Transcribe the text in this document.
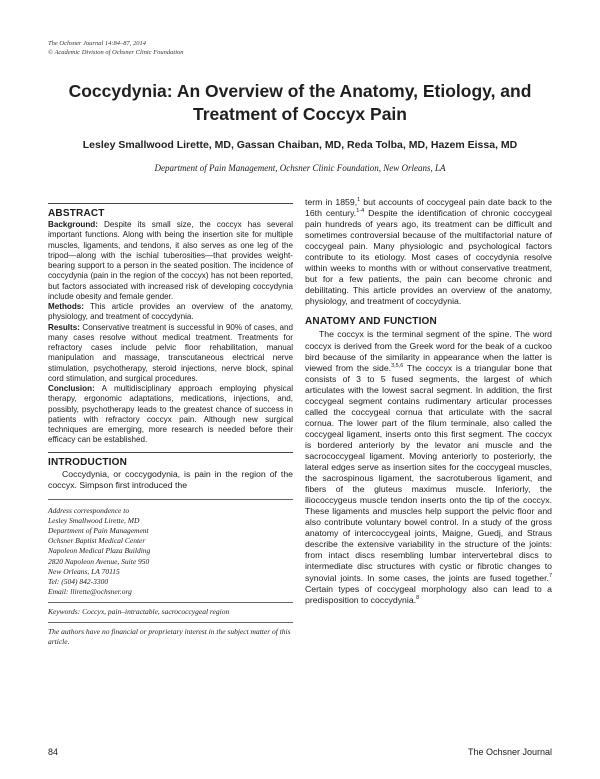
The Ochsner Journal 14:84–87, 2014
© Academic Division of Ochsner Clinic Foundation
Coccydynia: An Overview of the Anatomy, Etiology, and Treatment of Coccyx Pain
Lesley Smallwood Lirette, MD, Gassan Chaiban, MD, Reda Tolba, MD, Hazem Eissa, MD
Department of Pain Management, Ochsner Clinic Foundation, New Orleans, LA
ABSTRACT

Background: Despite its small size, the coccyx has several important functions. Along with being the insertion site for multiple muscles, ligaments, and tendons, it also serves as one leg of the tripod—along with the ischial tuberosities—that provides weight-bearing support to a person in the seated position. The incidence of coccydynia (pain in the region of the coccyx) has not been reported, but factors associated with increased risk of developing coccydynia include obesity and female gender.

Methods: This article provides an overview of the anatomy, physiology, and treatment of coccydynia.

Results: Conservative treatment is successful in 90% of cases, and many cases resolve without medical treatment. Treatments for refractory cases include pelvic floor rehabilitation, manual manipulation and massage, transcutaneous electrical nerve stimulation, psychotherapy, steroid injections, nerve block, spinal cord stimulation, and surgical procedures.

Conclusion: A multidisciplinary approach employing physical therapy, ergonomic adaptations, medications, injections, and, possibly, psychotherapy leads to the greatest chance of success in patients with refractory coccyx pain. Although new surgical techniques are emerging, more research is needed before their efficacy can be established.

INTRODUCTION

Coccydynia, or coccygodynia, is pain in the region of the coccyx. Simpson first introduced the

Address correspondence to

Lesley Smallwood Lirette, MD

Department of Pain Management

Ochsner Baptist Medical Center

Napoleon Medical Plaza Building

2820 Napoleon Avenue, Suite 950

New Orleans, LA 70115

Tel: (504) 842-3300

Email: llirette@ochsner.org

Keywords: Coccyx, pain–intractable, sacrococcygeal region

The authors have no financial or proprietary interest in the subject matter of this article.

term in 1859,$^1$ but accounts of coccygeal pain date back to the 16th century.$^{1-4}$ Despite the identification of chronic coccygeal pain hundreds of years ago, its treatment can be difficult and sometimes controversial because of the multifactorial nature of coccygeal pain. Many physiologic and psychological factors contribute to its etiology. Most cases of coccydynia resolve within weeks to months with or without conservative treatment, but for a few patients, the pain can become chronic and debilitating. This article provides an overview of the anatomy, physiology, and treatment of coccydynia.

ANATOMY AND FUNCTION

The coccyx is the terminal segment of the spine. The word coccyx is derived from the Greek word for the beak of a cuckoo bird because of the similarity in appearance when the latter is viewed from the side.$^{3,5,6}$ The coccyx is a triangular bone that consists of 3 to 5 fused segments, the largest of which articulates with the lowest sacral segment. In addition, the first coccygeal segment contains rudimentary articular processes called the coccygeal cornua that articulate with the sacral cornua. The lower part of the filum terminale, also called the coccygeal ligament, inserts onto this first segment. The coccyx is bordered anteriorly by the levator ani muscle and the sacrococcygeal ligament. Moving anteriorly to posteriorly, the lateral edges serve as insertion sites for the coccygeal muscles, the sacrospinous ligament, the sacrotuberous ligament, and fibers of the gluteus maximus muscle. Inferiorly, the iliococcygeus muscle tendon inserts onto the tip of the coccyx. These ligaments and muscles help support the pelvic floor and also contribute voluntary bowel control. In a study of the gross anatomy of intercoccygeal joints, Maigne, Guedj, and Straus describe the extensive variability in the structure of the joints: from intact discs resembling lumbar intervertebral discs to intermediate disc structures with cystic or fibrotic changes to synovial joints. In some cases, the joints are fused together.$^7$ Certain types of coccygeal morphology also can lead to a predisposition to coccydynia.$^8$

84	The Ochsner Journal
